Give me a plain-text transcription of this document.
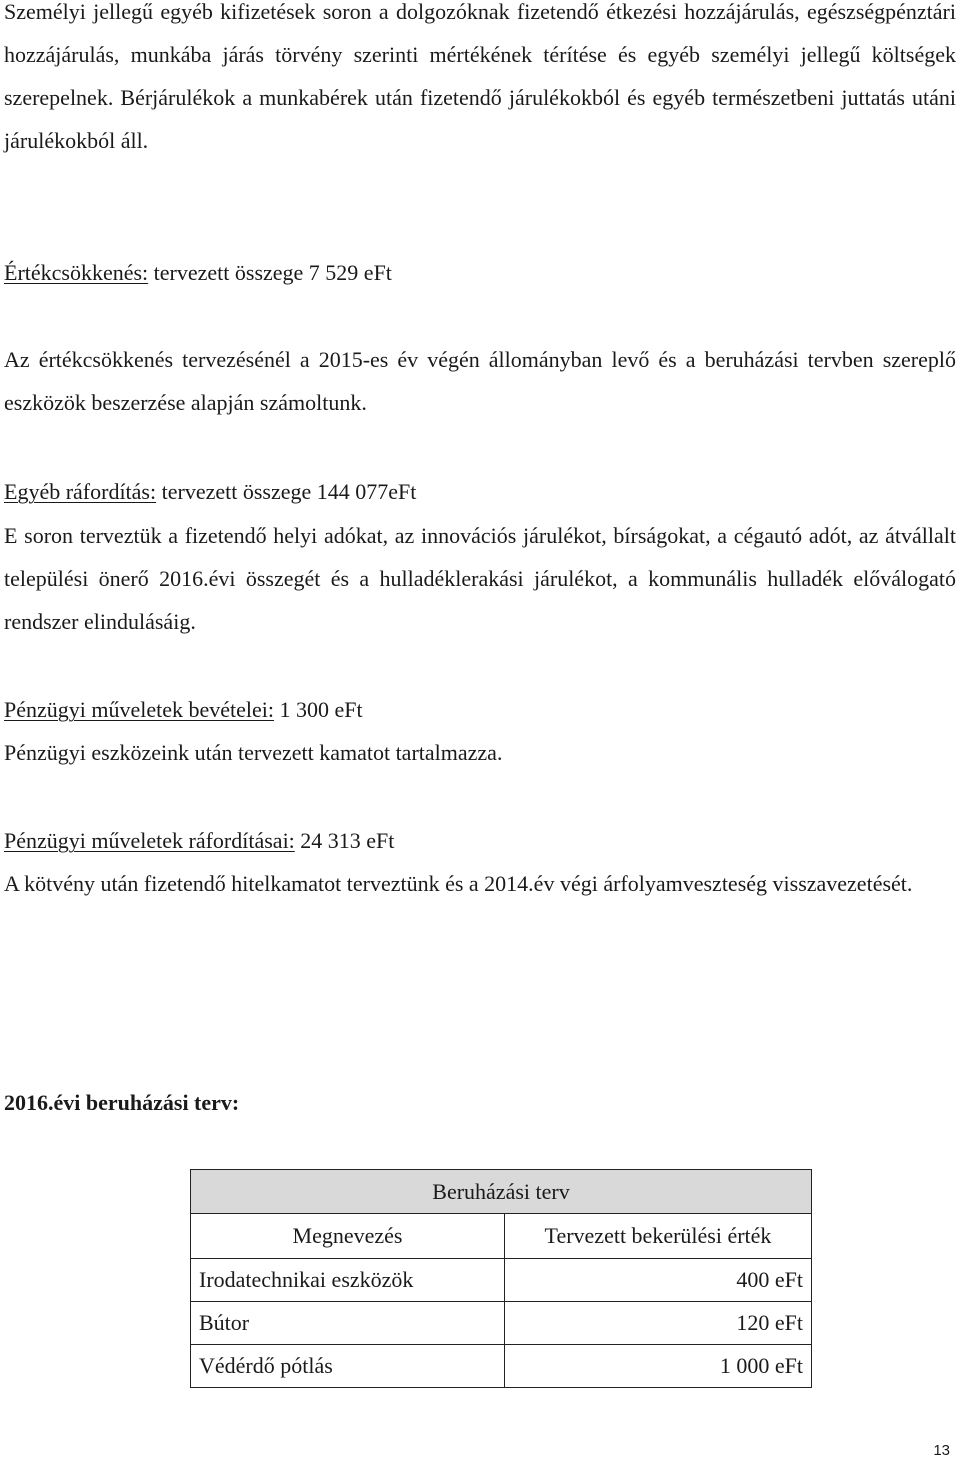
Személyi jellegű egyéb kifizetések soron a dolgozóknak fizetendő étkezési hozzájárulás, egészségpénztári hozzájárulás, munkába járás törvény szerinti mértékének térítése és egyéb személyi jellegű költségek szerepelnek. Bérjárulékok a munkabérek után fizetendő járulékokból és egyéb természetbeni juttatás utáni járulékokból áll.

Értékcsökkenés: tervezett összege 7 529 eFt

Az értékcsökkenés tervezésénél a 2015-es év végén állományban levő és a beruházási tervben szereplő eszközök beszerzése alapján számoltunk.

Egyéb ráfordítás: tervezett összege 144 077eFt

E soron terveztük a fizetendő helyi adókat, az innovációs járulékot, bírságokat, a cégautó adót, az átvállalt települési önerő 2016.évi összegét és a hulladéklerakási járulékot, a kommunális hulladék előválogató rendszer elindulásáig.

Pénzügyi műveletek bevételei: 1 300 eFt

Pénzügyi eszközeink után tervezett kamatot tartalmazza.

Pénzügyi műveletek ráfordításai: 24 313 eFt

A kötvény után fizetendő hitelkamatot terveztünk és a 2014.év végi árfolyamveszteség visszavezetését.

2016.évi beruházási terv:

Beruházási terv	
Megnevezés	Tervezett bekerülési érték
Irodatechnikai eszközök	400 eFt
Bútor	120 eFt
Védérdő pótlás	1 000 eFt
13
